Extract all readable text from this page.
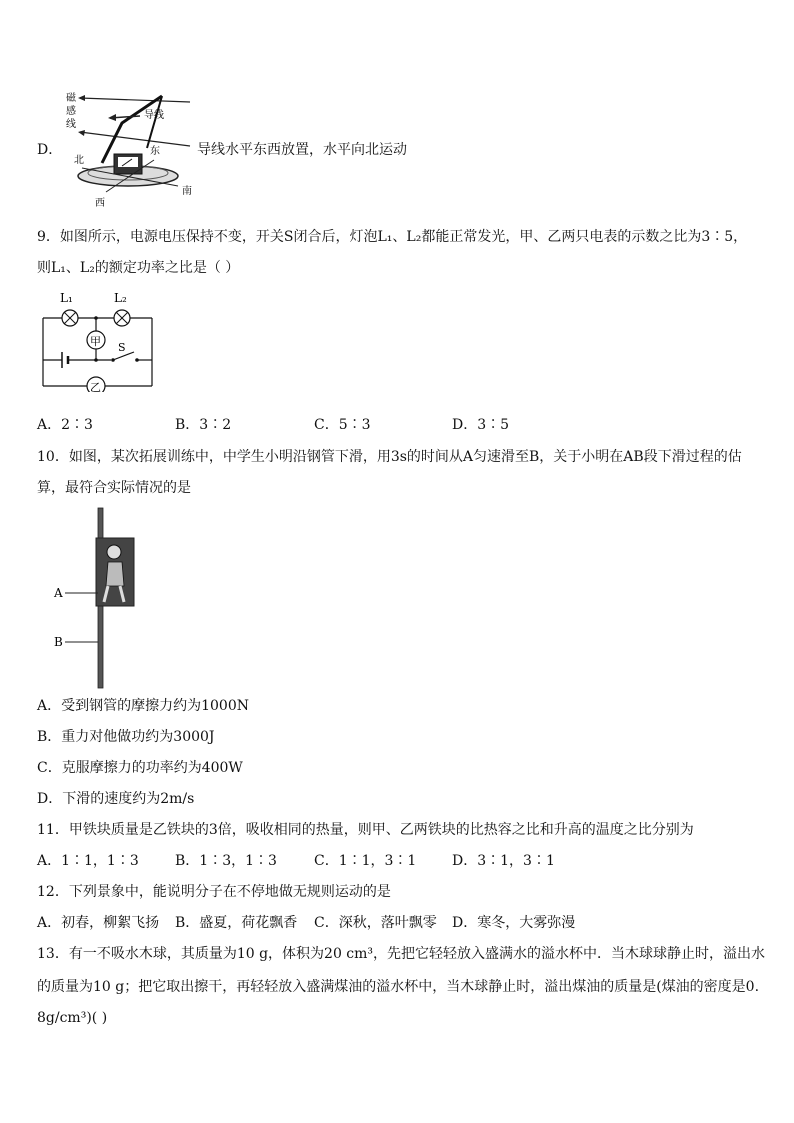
磁
感
线
导线
北
东
南
西
D．	导线水平东西放置，水平向北运动
9．如图所示，电源电压保持不变，开关S闭合后，灯泡L₁、L₂都能正常发光，甲、乙两只电表的示数之比为3∶5，
则L₁、L₂的额定功率之比是（ ）
L₁	L₂
甲 S
乙
A．2∶3	B．3∶2	C．5∶3	D．3∶5
10．如图，某次拓展训练中，中学生小明沿钢管下滑，用3s的时间从A匀速滑至B，关于小明在AB段下滑过程的估
算，最符合实际情况的是
A
B
A．受到钢管的摩擦力约为1000N
B．重力对他做功约为3000J
C．克服摩擦力的功率约为400W
D．下滑的速度约为2m/s
11．甲铁块质量是乙铁块的3倍，吸收相同的热量，则甲、乙两铁块的比热容之比和升高的温度之比分别为
A．1∶1，1∶3	B．1∶3，1∶3	C．1∶1，3∶1	D．3∶1，3∶1
12．下列景象中，能说明分子在不停地做无规则运动的是
A．初春，柳絮飞扬 B．盛夏，荷花飘香 C．深秋，落叶飘零 D．寒冬，大雾弥漫
13．有一不吸水木球，其质量为10 g，体积为20 cm³，先把它轻轻放入盛满水的溢水杯中．当木球球静止时，溢出水
的质量为10 g；把它取出擦干，再轻轻放入盛满煤油的溢水杯中，当木球静止时，溢出煤油的质量是(煤油的密度是0.
8g/cm³)( )
